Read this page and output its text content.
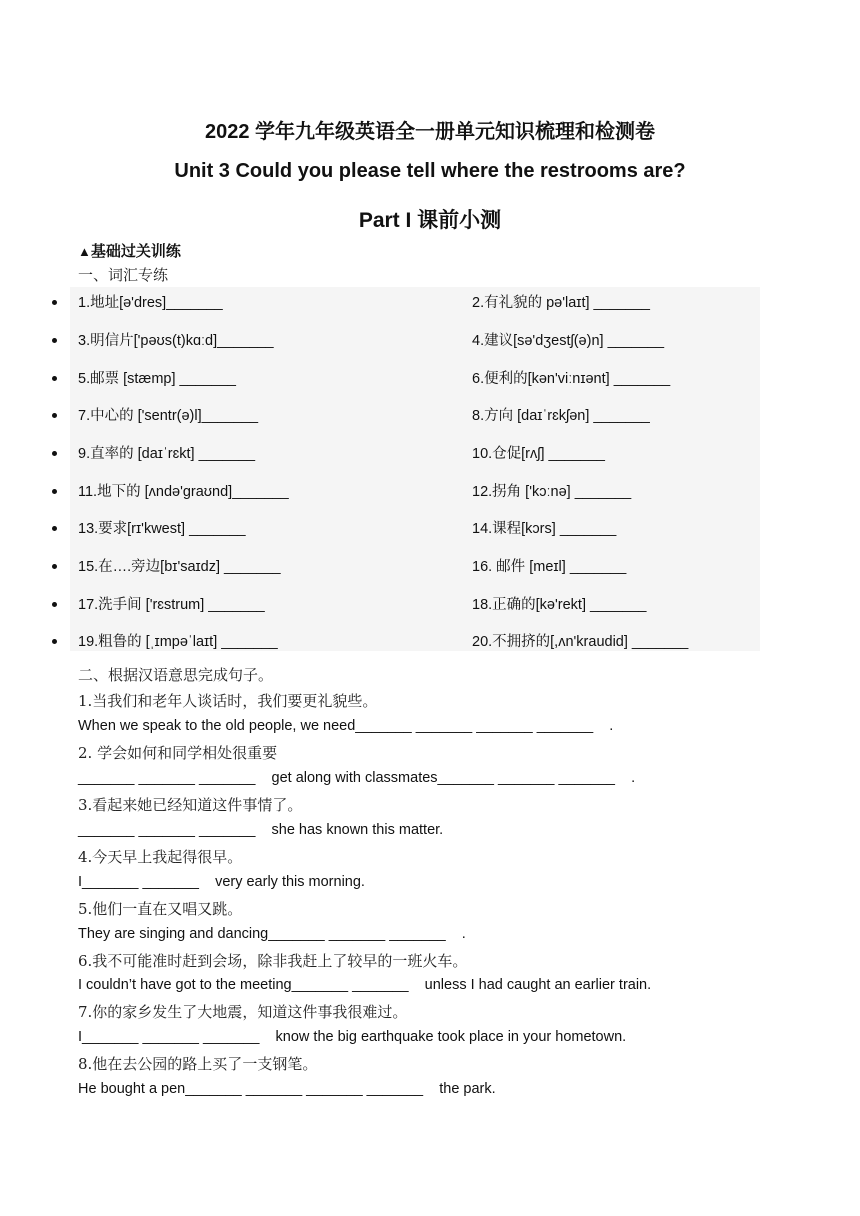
2022 学年九年级英语全一册单元知识梳理和检测卷
Unit 3 Could you please tell where the restrooms are?
Part I 课前小测
▲基础过关训练
一、词汇专练
1.地址[ə'dres]_______	2.有礼貌的 pə'laɪt] _______
3.明信片['pəʊs(t)kɑːd]_______	4.建议[sə'dʒestʃ(ə)n] _______
5.邮票 [stæmp] _______	6.便利的[kən'viːnɪənt] _______
7.中心的 ['sentr(ə)l]_______	8.方向 [daɪˈrɛkʃən] _______
9.直率的 [daɪˈrɛkt] _______	10.仓促[rʌʃ] _______
11.地下的 [ʌndə'graʊnd]_______	12.拐角 ['kɔːnə] _______
13.要求[rɪ'kwest] _______	14.课程[kɔrs] _______
15.在….旁边[bɪ'saɪdz] _______	16. 邮件 [meɪl] _______
17.洗手间 ['rɛstrum] _______	18.正确的[kə'rekt] _______
19.粗鲁的 [ˌɪmpəˈlaɪt] _______	20.不拥挤的[,ʌn'kraudid] _______
二、根据汉语意思完成句子。
1.当我们和老年人谈话时，我们要更礼貌些。
When we speak to the old people, we need_______ _______ _______ _______    .
2. 学会如何和同学相处很重要
_______ _______ _______    get along with classmates_______ _______ _______    .
3.看起来她已经知道这件事情了。
_______ _______ _______    she has known this matter.
4.今天早上我起得很早。
I_______ _______    very early this morning.
5.他们一直在又唱又跳。
They are singing and dancing_______ _______ _______    .
6.我不可能准时赶到会场，除非我赶上了较早的一班火车。
I couldn’t have got to the meeting_______ _______    unless I had caught an earlier train.
7.你的家乡发生了大地震，知道这件事我很难过。
I_______ _______ _______    know the big earthquake took place in your hometown.
8.他在去公园的路上买了一支钢笔。
He bought a pen_______ _______ _______ _______    the park.
